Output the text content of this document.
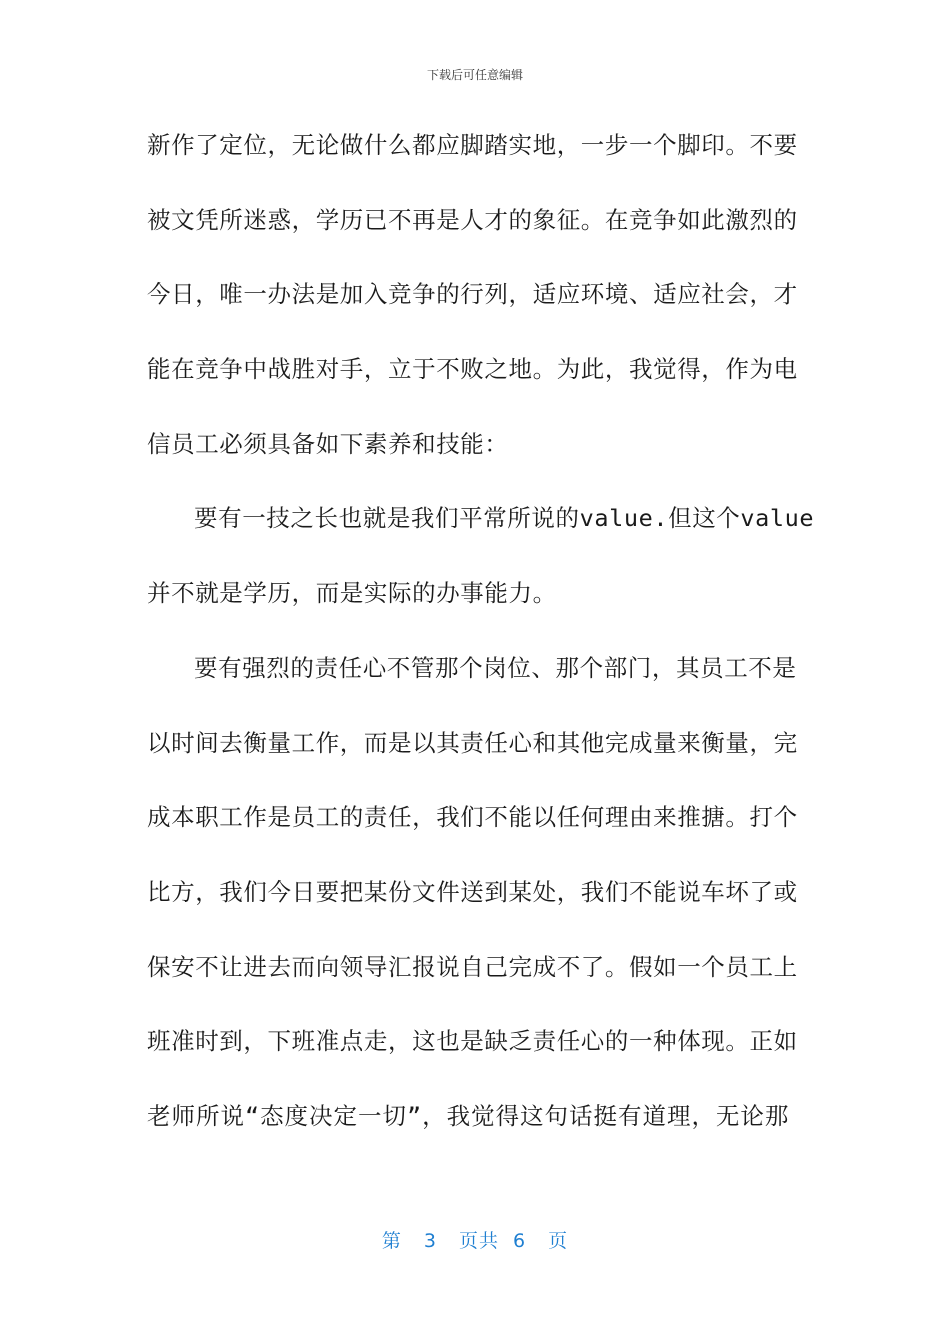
下载后可任意编辑
新作了定位，无论做什么都应脚踏实地，一步一个脚印。不要
被文凭所迷惑，学历已不再是人才的象征。在竞争如此激烈的
今日，唯一办法是加入竞争的行列，适应环境、适应社会，才
能在竞争中战胜对手，立于不败之地。为此，我觉得，作为电
信员工必须具备如下素养和技能：
要有一技之长也就是我们平常所说的value.但这个value
并不就是学历，而是实际的办事能力。
要有强烈的责任心不管那个岗位、那个部门，其员工不是
以时间去衡量工作，而是以其责任心和其他完成量来衡量，完
成本职工作是员工的责任，我们不能以任何理由来推搪。打个
比方，我们今日要把某份文件送到某处，我们不能说车坏了或
保安不让进去而向领导汇报说自己完成不了。假如一个员工上
班准时到，下班准点走，这也是缺乏责任心的一种体现。正如
老师所说“态度决定一切”，我觉得这句话挺有道理，无论那
第 3 页共 6 页
